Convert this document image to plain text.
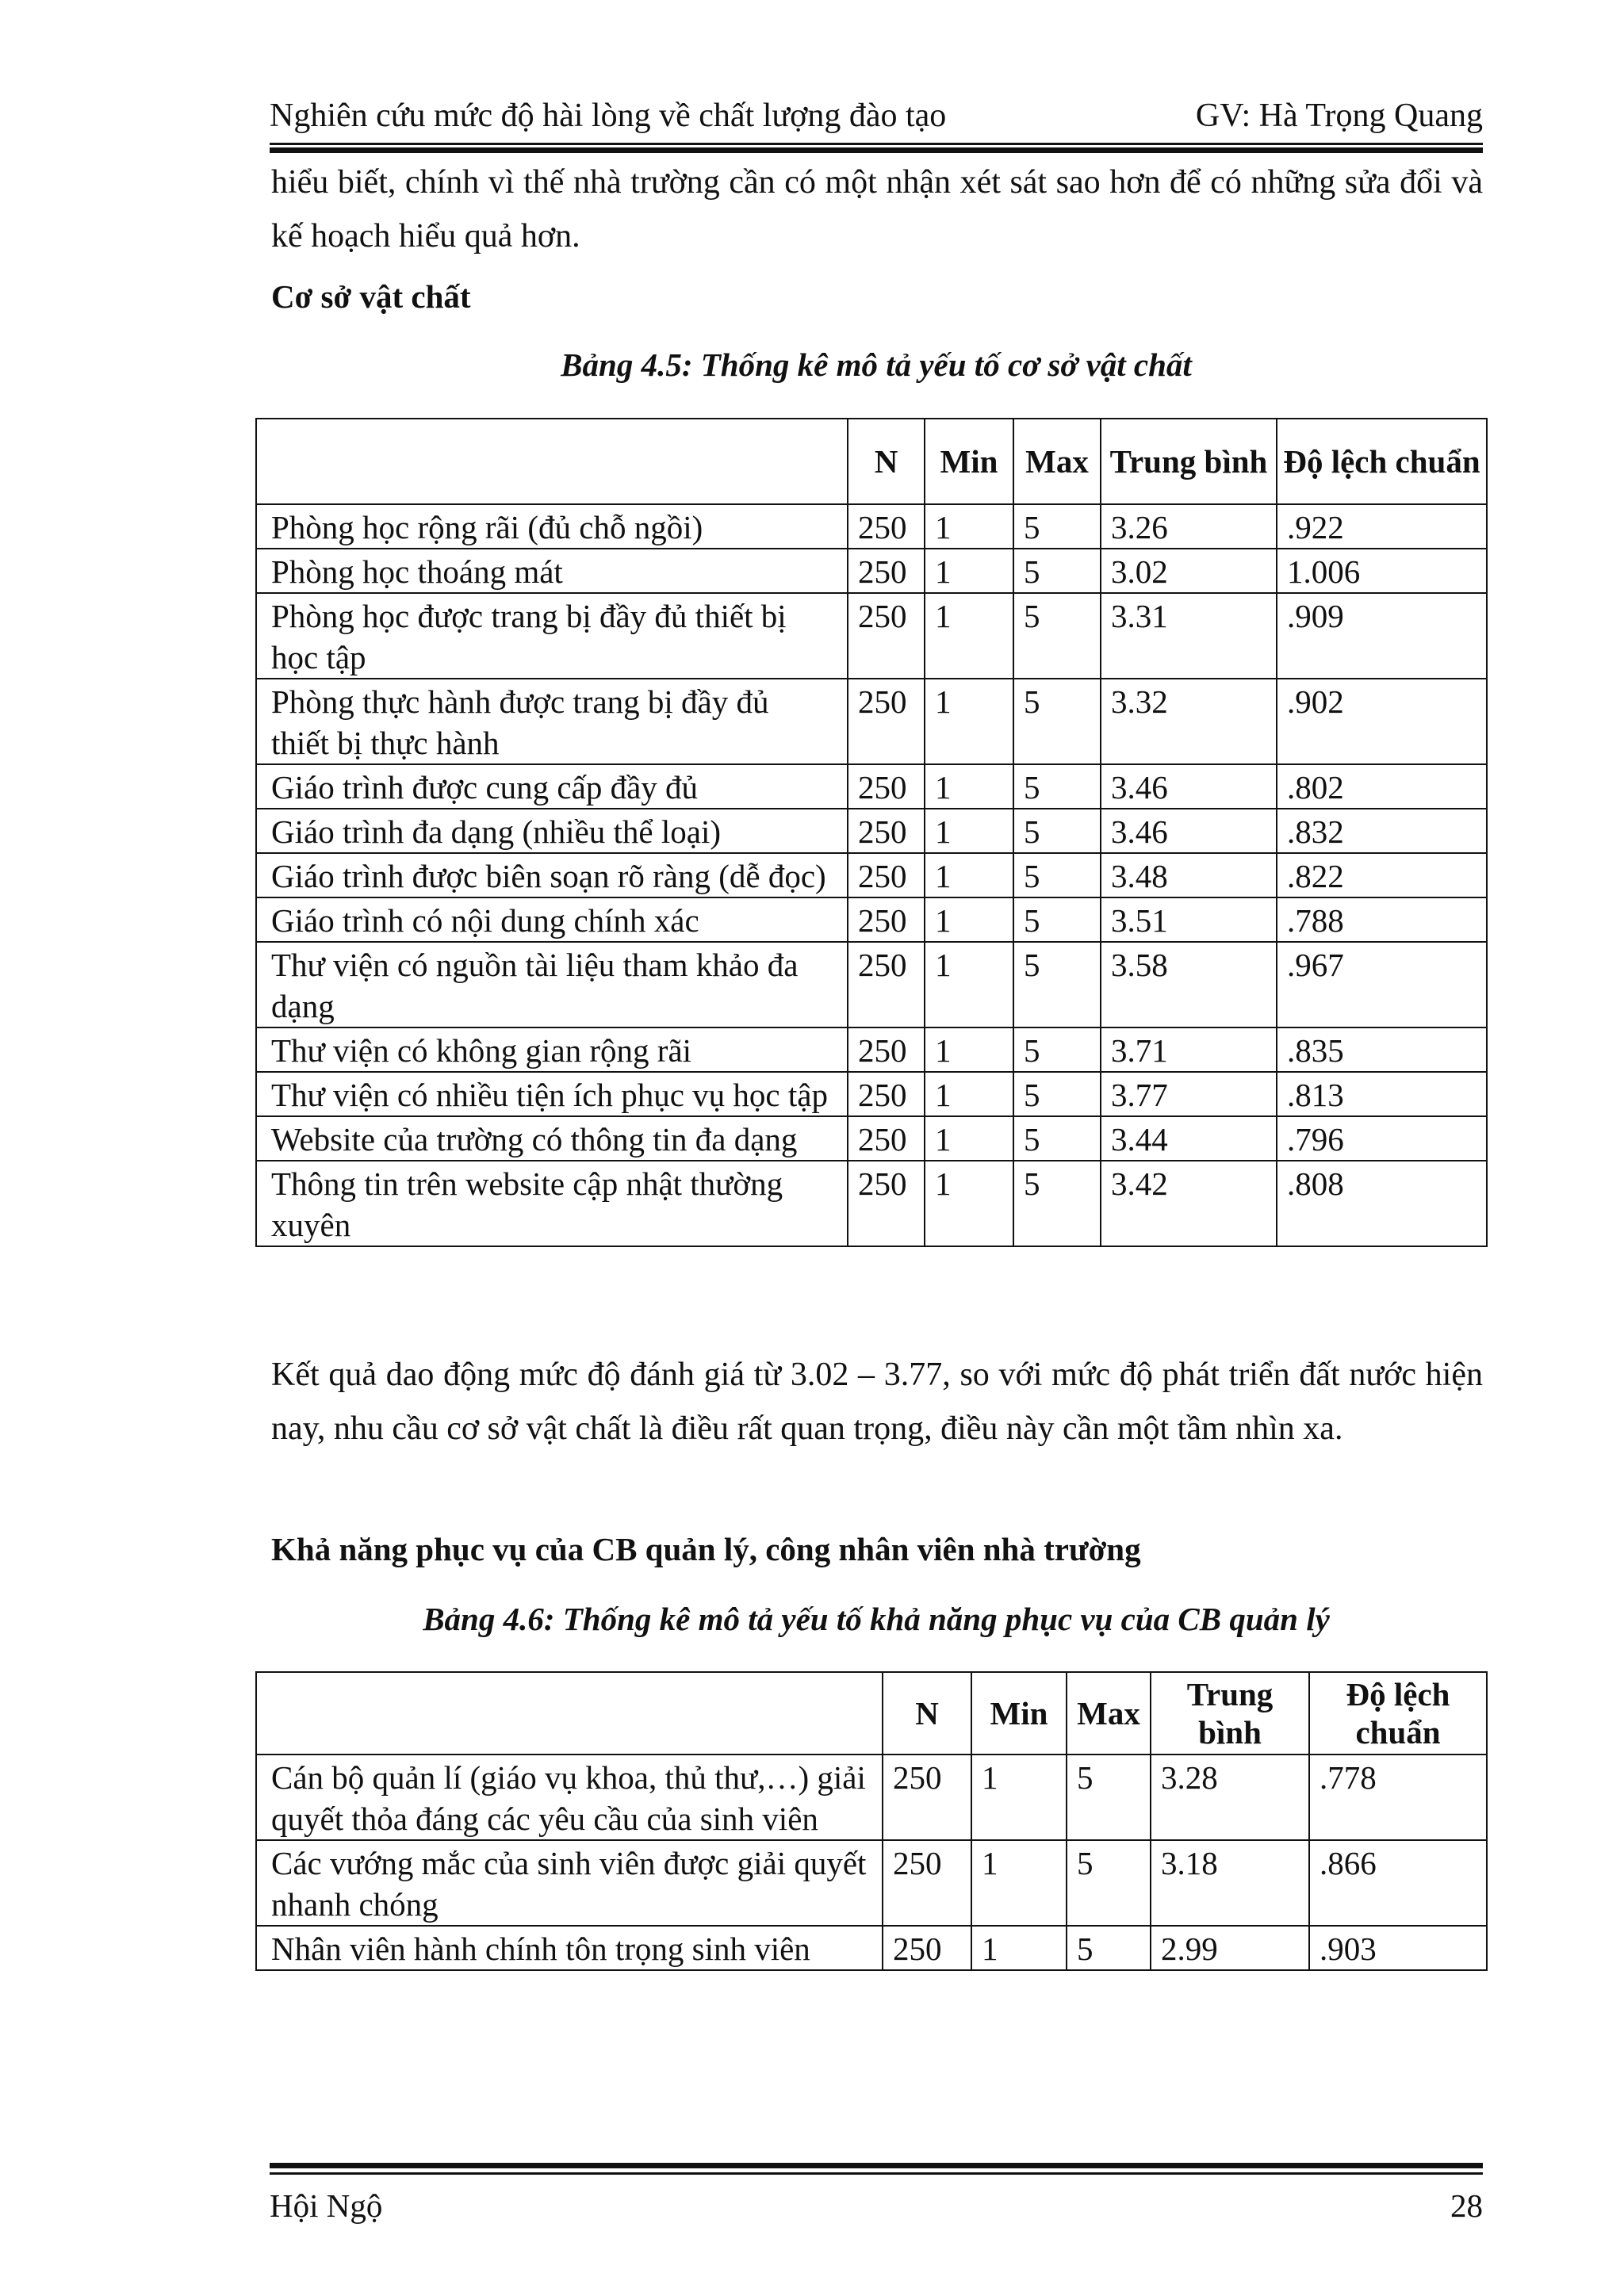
Nghiên cứu mức độ hài lòng về chất lượng đào tạo	GV: Hà Trọng Quang
hiểu biết, chính vì thế nhà trường cần có một nhận xét sát sao hơn để có những sửa đổi và kế hoạch hiểu quả hơn.
Cơ sở vật chất
Bảng 4.5: Thống kê mô tả yếu tố cơ sở vật chất
	N	Min	Max	Trung bình	Độ lệch chuẩn
Phòng học rộng rãi (đủ chỗ ngồi)	250	1	5	3.26	.922
Phòng học thoáng mát	250	1	5	3.02	1.006
Phòng học được trang bị đầy đủ thiết bị học tập	250	1	5	3.31	.909
Phòng thực hành được trang bị đầy đủ thiết bị thực hành	250	1	5	3.32	.902
Giáo trình được cung cấp đầy đủ	250	1	5	3.46	.802
Giáo trình đa dạng (nhiều thể loại)	250	1	5	3.46	.832
Giáo trình được biên soạn rõ ràng (dễ đọc)	250	1	5	3.48	.822
Giáo trình có nội dung chính xác	250	1	5	3.51	.788
Thư viện có nguồn tài liệu tham khảo đa dạng	250	1	5	3.58	.967
Thư viện có không gian rộng rãi	250	1	5	3.71	.835
Thư viện có nhiều tiện ích phục vụ học tập	250	1	5	3.77	.813
Website của trường có thông tin đa dạng	250	1	5	3.44	.796
Thông tin trên website cập nhật thường xuyên	250	1	5	3.42	.808
Kết quả dao động mức độ đánh giá từ 3.02 – 3.77, so với mức độ phát triển đất nước hiện nay, nhu cầu cơ sở vật chất là điều rất quan trọng, điều này cần một tầm nhìn xa.
Khả năng phục vụ của CB quản lý, công nhân viên nhà trường
Bảng 4.6: Thống kê mô tả yếu tố khả năng phục vụ của CB quản lý
	N	Min	Max	Trung bình	Độ lệch chuẩn
Cán bộ quản lí (giáo vụ khoa, thủ thư,…) giải quyết thỏa đáng các yêu cầu của sinh viên	250	1	5	3.28	.778
Các vướng mắc của sinh viên được giải quyết nhanh chóng	250	1	5	3.18	.866
Nhân viên hành chính tôn trọng sinh viên	250	1	5	2.99	.903
Hội Ngộ	28
